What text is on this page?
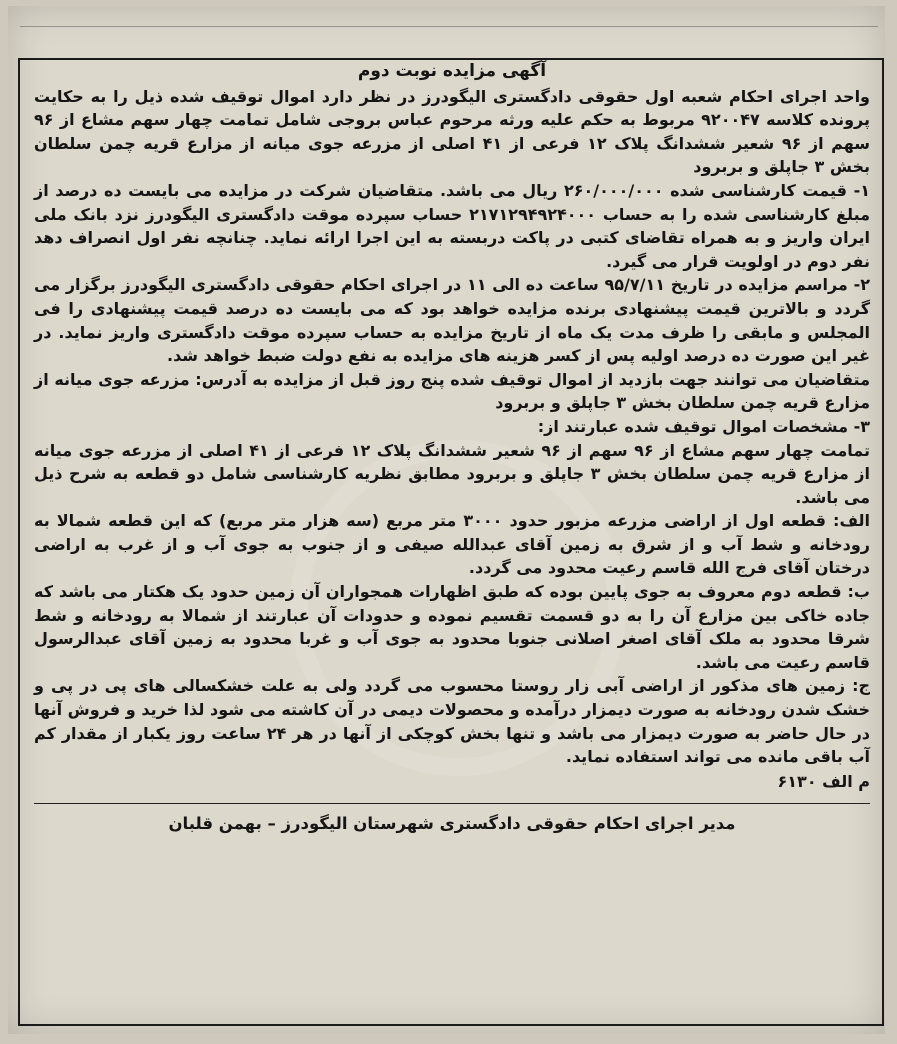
آگهی مزایده نوبت دوم

واحد اجرای احکام شعبه اول حقوقی دادگستری الیگودرز در نظر دارد اموال توقیف شده ذیل را به حکایت پرونده کلاسه ۹۲۰۰۴۷ مربوط به حکم علیه ورثه مرحوم عباس بروجی شامل تمامت چهار سهم مشاع از ۹۶ سهم از ۹۶ شعیر ششدانگ پلاک ۱۲ فرعی از ۴۱ اصلی از مزرعه جوی میانه از مزارع قریه چمن سلطان بخش ۳ جاپلق و بربرود

۱- قیمت کارشناسی شده ۲۶۰/۰۰۰/۰۰۰ ریال می باشد. متقاضیان شرکت در مزایده می بایست ده درصد از مبلغ کارشناسی شده را به حساب ۲۱۷۱۲۹۴۹۲۴۰۰۰ حساب سپرده موقت دادگستری الیگودرز نزد بانک ملی ایران واریز و به همراه تقاضای کتبی در پاکت دربسته به این اجرا ارائه نماید. چنانچه نفر اول انصراف دهد نفر دوم در اولویت قرار می گیرد.

۲- مراسم مزایده در تاریخ ۹۵/۷/۱۱ ساعت ده الی ۱۱ در اجرای احکام حقوقی دادگستری الیگودرز برگزار می گردد و بالاترین قیمت پیشنهادی برنده مزایده خواهد بود که می بایست ده درصد قیمت پیشنهادی را فی المجلس و مابقی را ظرف مدت یک ماه از تاریخ مزایده به حساب سپرده موقت دادگستری واریز نماید. در غیر این صورت ده درصد اولیه پس از کسر هزینه های مزایده به نفع دولت ضبط خواهد شد.

متقاضیان می توانند جهت بازدید از اموال توقیف شده پنج روز قبل از مزایده به آدرس: مزرعه جوی میانه از مزارع قریه چمن سلطان بخش ۳ جاپلق و بربرود

۳- مشخصات اموال توقیف شده عبارتند از:

تمامت چهار سهم مشاع از ۹۶ سهم از ۹۶ شعیر ششدانگ پلاک ۱۲ فرعی از ۴۱ اصلی از مزرعه جوی میانه از مزارع قریه چمن سلطان بخش ۳ جاپلق و بربرود مطابق نظریه کارشناسی شامل دو قطعه به شرح ذیل می باشد.

الف: قطعه اول از اراضی مزرعه مزبور حدود ۳۰۰۰ متر مربع (سه هزار متر مربع) که این قطعه شمالا به رودخانه و شط آب و از شرق به زمین آقای عبدالله صیفی و از جنوب به جوی آب و از غرب به اراضی درختان آقای فرج الله قاسم رعیت محدود می گردد.

ب: قطعه دوم معروف به جوی پایین بوده که طبق اظهارات همجواران آن زمین حدود یک هکتار می باشد که جاده خاکی بین مزارع آن را به دو قسمت تقسیم نموده و حدودات آن عبارتند از شمالا به رودخانه و شط شرقا محدود به ملک آقای اصغر اصلانی جنوبا محدود به جوی آب و غربا محدود به زمین آقای عبدالرسول قاسم رعیت می باشد.

ج: زمین های مذکور از اراضی آبی زار روستا محسوب می گردد ولی به علت خشکسالی های پی در پی و خشک شدن رودخانه به صورت دیمزار درآمده و محصولات دیمی در آن کاشته می شود لذا خرید و فروش آنها در حال حاضر به صورت دیمزار می باشد و تنها بخش کوچکی از آنها در هر ۲۴ ساعت روز یکبار از مقدار کم آب باقی مانده می تواند استفاده نماید.

م الف ۶۱۳۰

مدیر اجرای احکام حقوقی دادگستری شهرستان الیگودرز – بهمن قلبان
